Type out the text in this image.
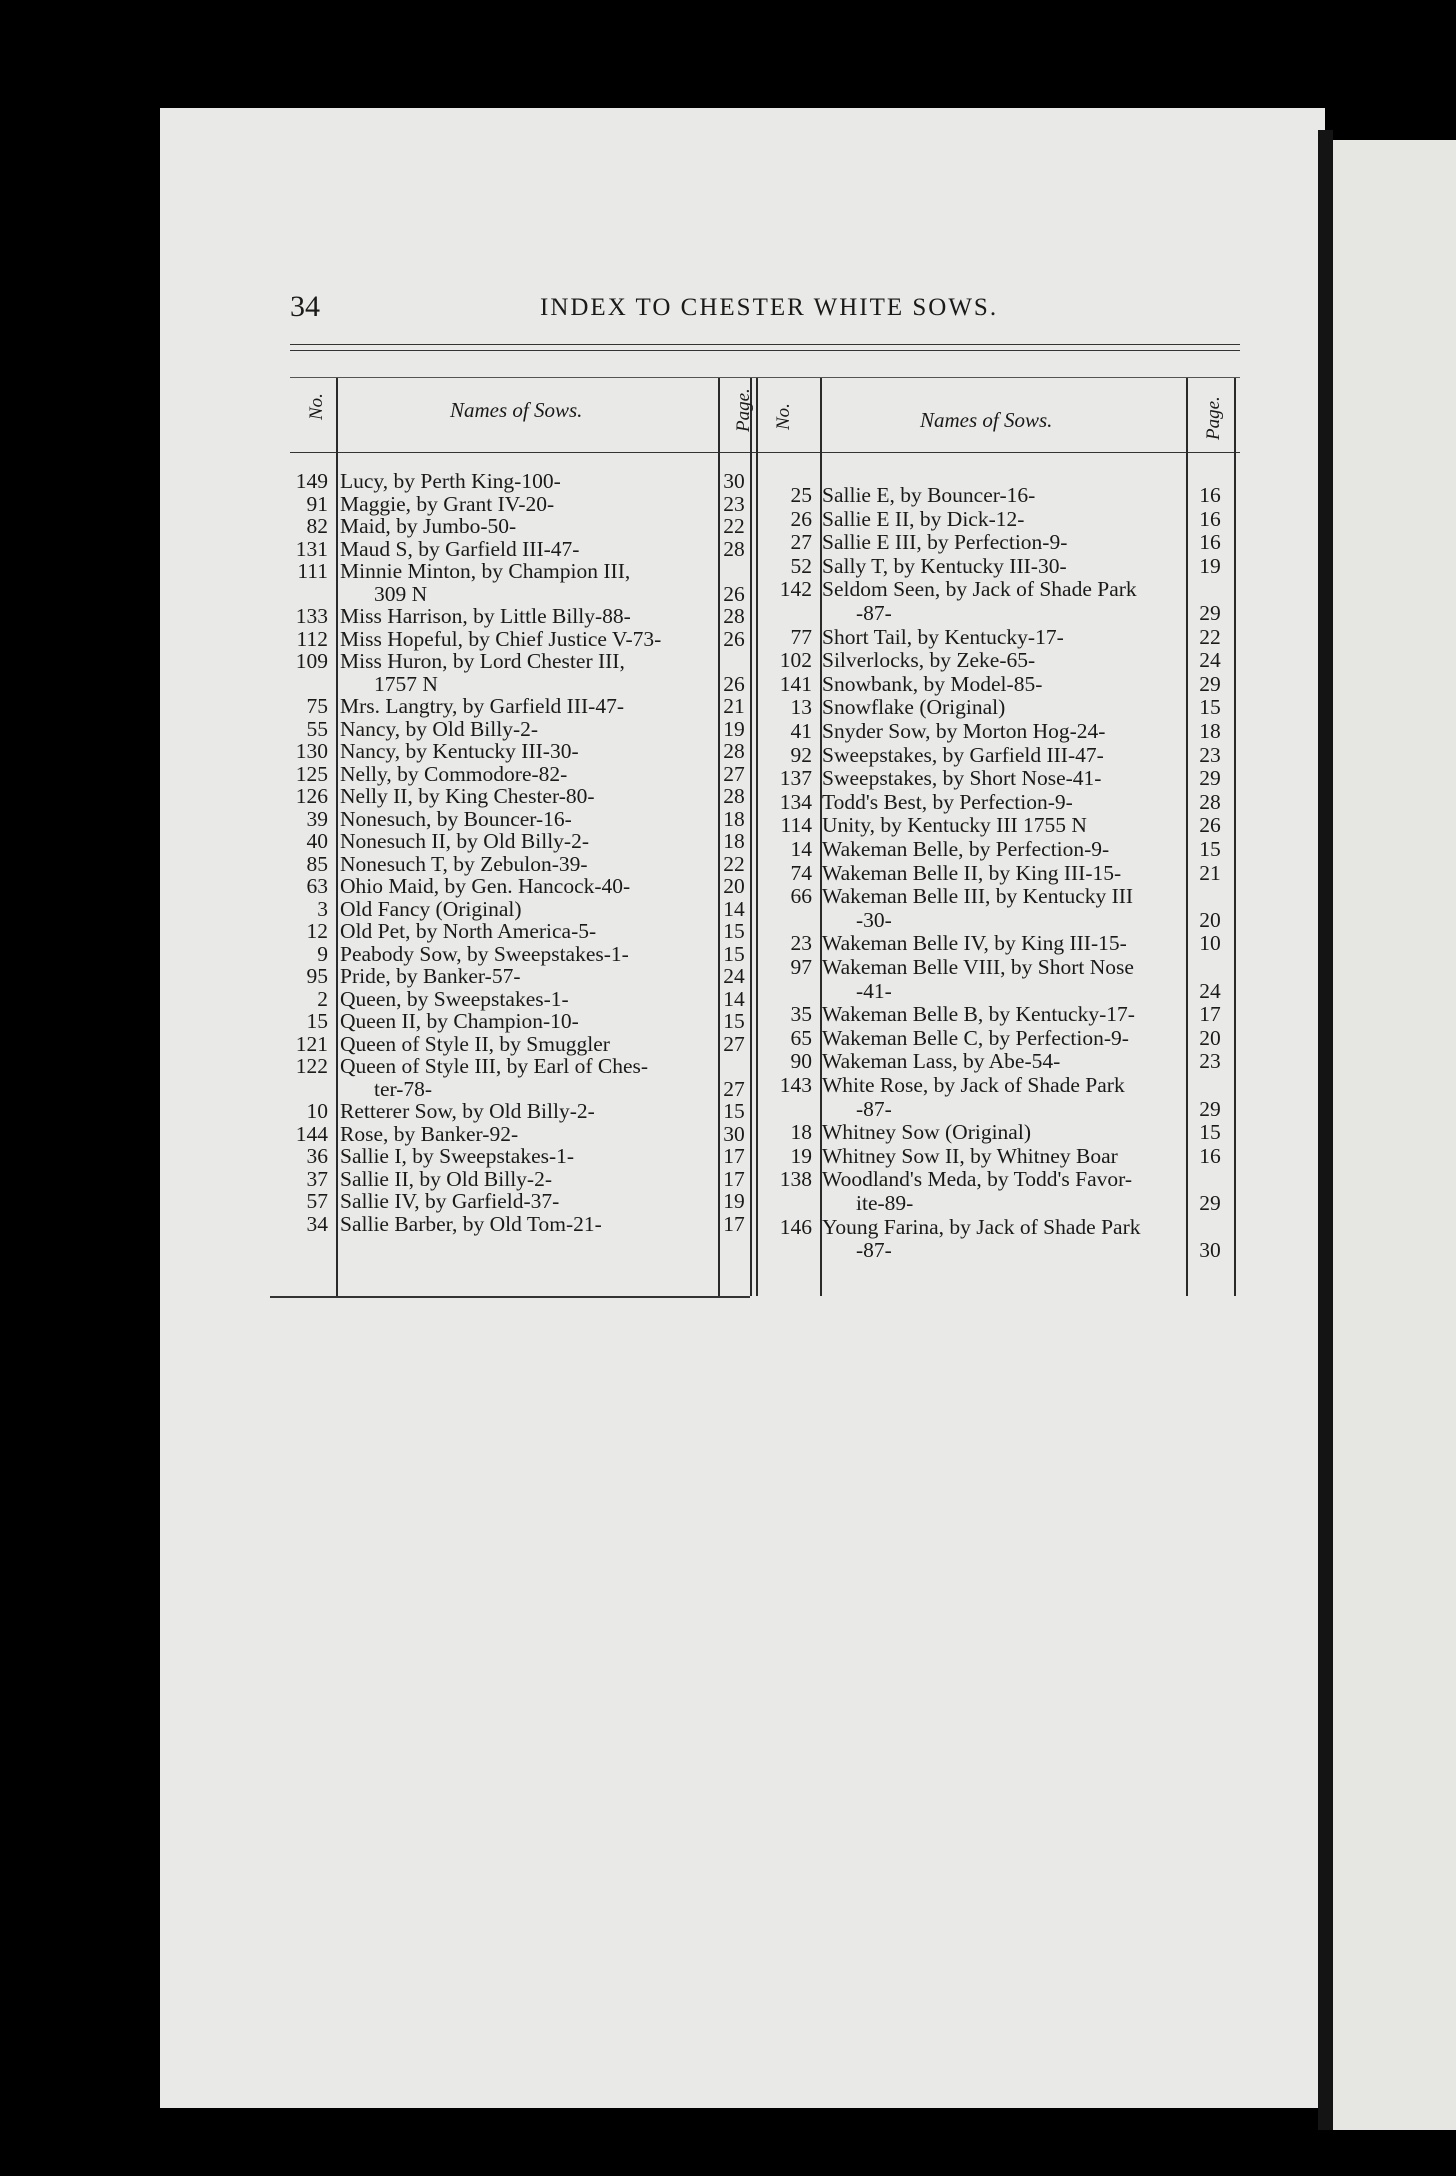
34	INDEX TO CHESTER WHITE SOWS.
No.	Names of Sows.	Page. No.	Names of Sows.	Page.
149 Lucy, by Perth King-100-	30
91 Maggie, by Grant IV-20-	23
82 Maid, by Jumbo-50-	22
131 Maud S, by Garfield III-47-	28
111 Minnie Minton, by Champion III,
309 N	26
133 Miss Harrison, by Little Billy-88-	28
112 Miss Hopeful, by Chief Justice V-73-	26
109 Miss Huron, by Lord Chester III,
1757 N	26
75 Mrs. Langtry, by Garfield III-47-	21
55 Nancy, by Old Billy-2-	19
130 Nancy, by Kentucky III-30-	28
125 Nelly, by Commodore-82-	27
126 Nelly II, by King Chester-80-	28
39 Nonesuch, by Bouncer-16-	18
40 Nonesuch II, by Old Billy-2-	18
85 Nonesuch T, by Zebulon-39-	22
63 Ohio Maid, by Gen. Hancock-40-	20
3 Old Fancy (Original)	14
12 Old Pet, by North America-5-	15
9 Peabody Sow, by Sweepstakes-1-	15
95 Pride, by Banker-57-	24
2 Queen, by Sweepstakes-1-	14
15 Queen II, by Champion-10-	15
121 Queen of Style II, by Smuggler	27
122 Queen of Style III, by Earl of Ches-
ter-78-	27
10 Retterer Sow, by Old Billy-2-	15
144 Rose, by Banker-92-	30
36 Sallie I, by Sweepstakes-1-	17
37 Sallie II, by Old Billy-2-	17
57 Sallie IV, by Garfield-37-	19
34 Sallie Barber, by Old Tom-21-	17
25 Sallie E, by Bouncer-16-	16
26 Sallie E II, by Dick-12-	16
27 Sallie E III, by Perfection-9-	16
52 Sally T, by Kentucky III-30-	19
142 Seldom Seen, by Jack of Shade Park
-87-	29
77 Short Tail, by Kentucky-17-	22
102 Silverlocks, by Zeke-65-	24
141 Snowbank, by Model-85-	29
13 Snowflake (Original)	15
41 Snyder Sow, by Morton Hog-24-	18
92 Sweepstakes, by Garfield III-47-	23
137 Sweepstakes, by Short Nose-41-	29
134 Todd's Best, by Perfection-9-	28
114 Unity, by Kentucky III 1755 N	26
14 Wakeman Belle, by Perfection-9-	15
74 Wakeman Belle II, by King III-15-	21
66 Wakeman Belle III, by Kentucky III
-30-	20
23 Wakeman Belle IV, by King III-15-	10
97 Wakeman Belle VIII, by Short Nose
-41-	24
35 Wakeman Belle B, by Kentucky-17-	17
65 Wakeman Belle C, by Perfection-9-	20
90 Wakeman Lass, by Abe-54-	23
143 White Rose, by Jack of Shade Park
-87-	29
18 Whitney Sow (Original)	15
19 Whitney Sow II, by Whitney Boar	16
138 Woodland's Meda, by Todd's Favor-
ite-89-	29
146 Young Farina, by Jack of Shade Park
-87-	30
